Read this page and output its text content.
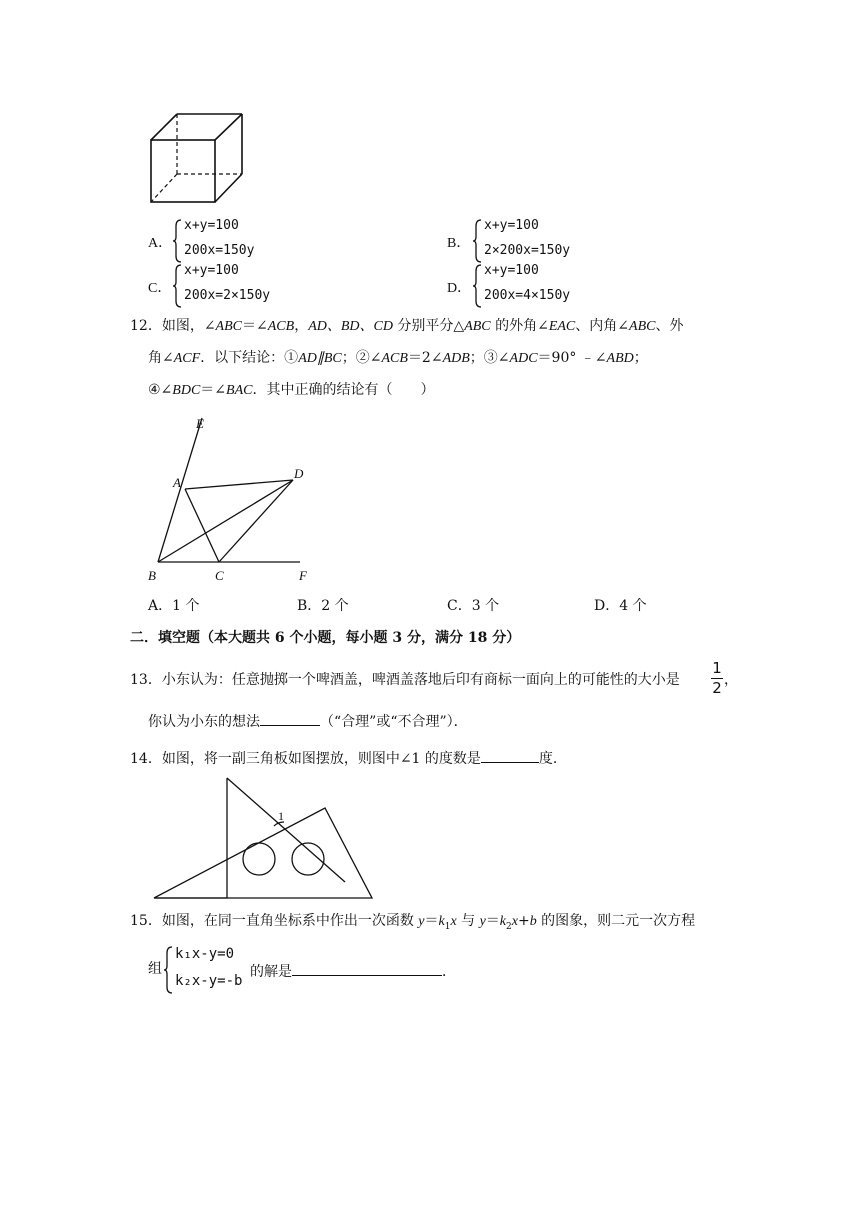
A．
x+y=100
200x=150y	B．
x+y=100
2×200x=150y
C．
x+y=100
200x=2×150y	D．
x+y=100
200x=4×150y
12．如图，∠ABC＝∠ACB，AD、BD、CD 分别平分△ABC 的外角∠EAC、内角∠ABC、外
角∠ACF．以下结论：①AD∥BC；②∠ACB＝2∠ADB；③∠ADC＝90° ﹣∠ABD；
④∠BDC＝∠BAC．其中正确的结论有（　　）
E
A
D
B	C	F
A．1 个	B．2 个	C．3 个	D．4 个
二．填空题（本大题共 6 个小题，每小题 3 分，满分 18 分）
13．小东认为：任意抛掷一个啤酒盖，啤酒盖落地后印有商标一面向上的可能性的大小是
1
2 ，
你认为小东的想法	（“合理”或“不合理”）．
14．如图，将一副三角板如图摆放，则图中∠1 的度数是	度．
1
15．如图，在同一直角坐标系中作出一次函数 $y=k_1x$ 与 $y=k_2x+b$ 的图象，则二元一次方程
组
k₁x-y=0
k₂x-y=-b
的解是	．
